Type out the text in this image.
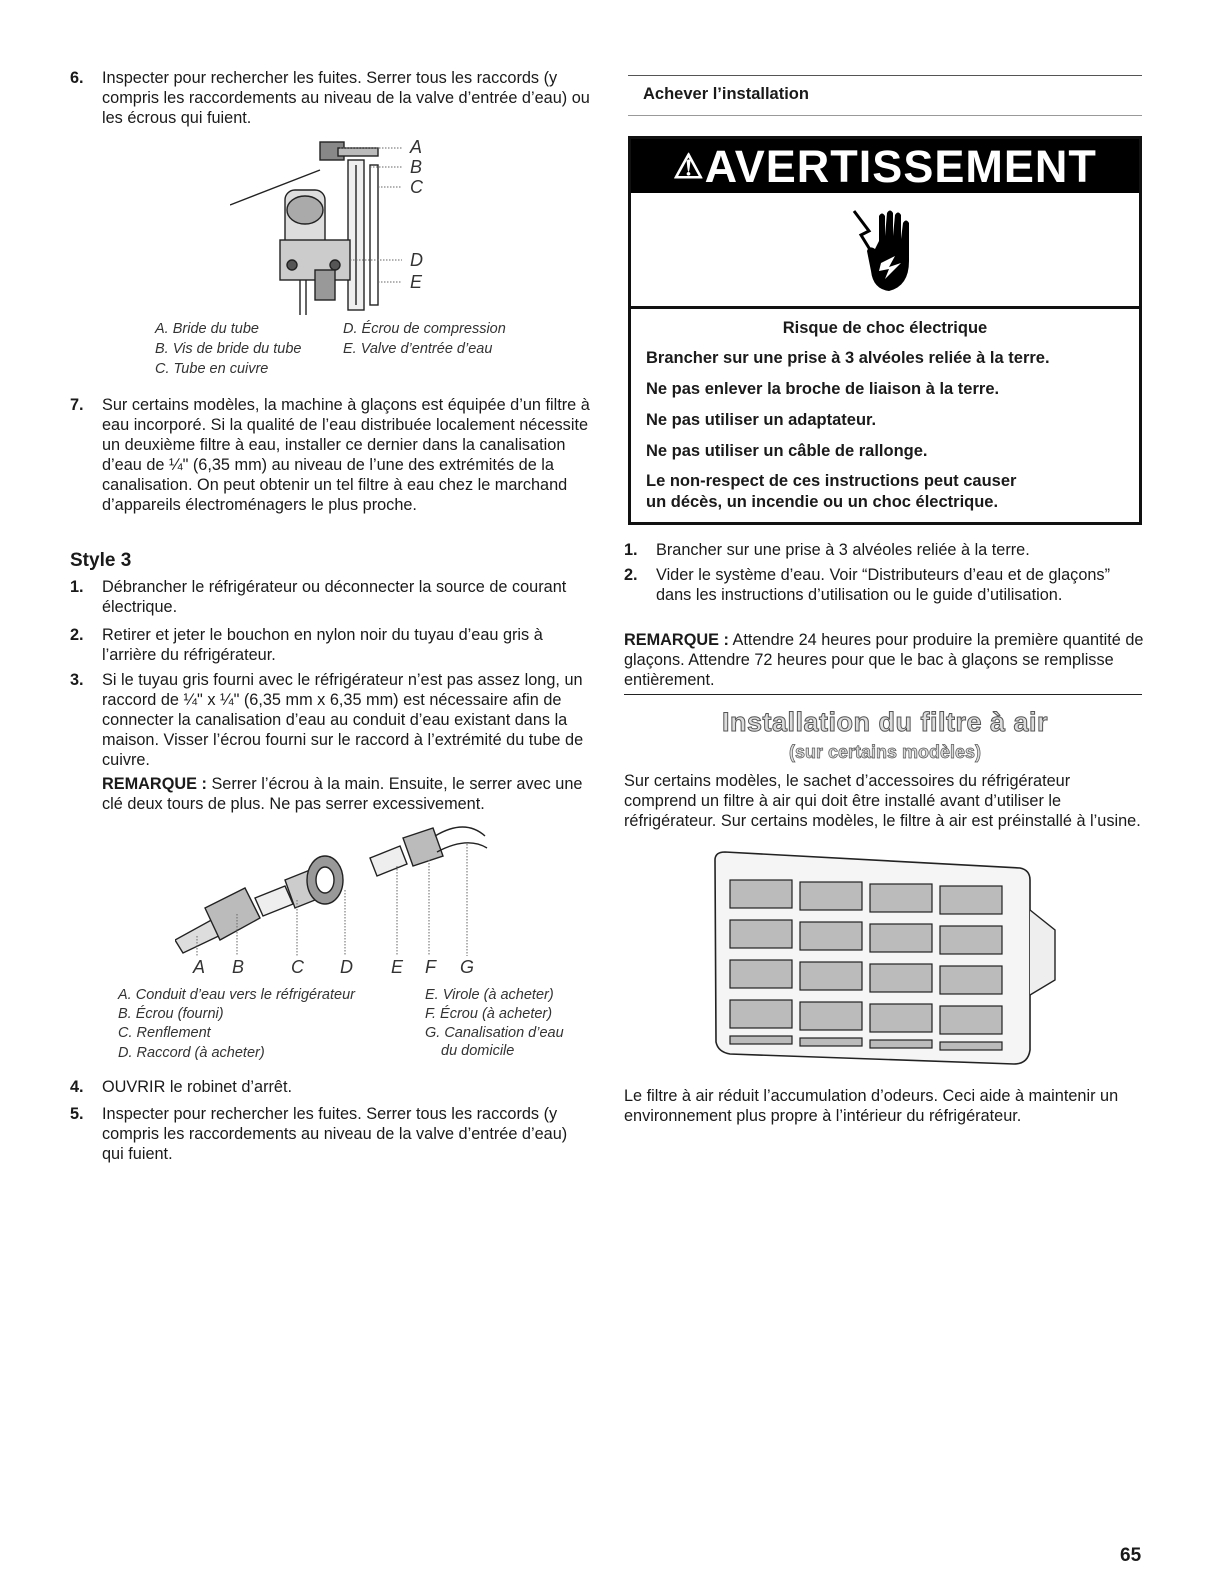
6. Inspecter pour rechercher les fuites. Serrer tous les raccords (y compris les raccordements au niveau de la valve d’entrée d’eau) ou les écrous qui fuient.
A
B
C
D
E
A. Bride du tube
B. Vis de bride du tube
C. Tube en cuivre
D. Écrou de compression
E. Valve d’entrée d’eau
7. Sur certains modèles, la machine à glaçons est équipée d’un filtre à eau incorporé. Si la qualité de l’eau distribuée localement nécessite un deuxième filtre à eau, installer ce dernier dans la canalisation d’eau de ¼" (6,35 mm) au niveau de l’une des extrémités de la canalisation. On peut obtenir un tel filtre à eau chez le marchand d’appareils électroménagers le plus proche.
Style 3
1. Débrancher le réfrigérateur ou déconnecter la source de courant électrique.
2. Retirer et jeter le bouchon en nylon noir du tuyau d’eau gris à l’arrière du réfrigérateur.
3. Si le tuyau gris fourni avec le réfrigérateur n’est pas assez long, un raccord de ¼" x ¼" (6,35 mm x 6,35 mm) est nécessaire afin de connecter la canalisation d’eau au conduit d’eau existant dans la maison. Visser l’écrou fourni sur le raccord à l’extrémité du tube de cuivre.
REMARQUE : Serrer l’écrou à la main. Ensuite, le serrer avec une clé deux tours de plus. Ne pas serrer excessivement.
A B	C D E F G
A. Conduit d’eau vers le réfrigérateur
B. Écrou (fourni)
C. Renflement
D. Raccord (à acheter)
E. Virole (à acheter)
F. Écrou (à acheter)
G. Canalisation d’eau
du domicile
4. OUVRIR le robinet d’arrêt.
5. Inspecter pour rechercher les fuites. Serrer tous les raccords (y compris les raccordements au niveau de la valve d’entrée d’eau) qui fuient.
Achever l’installation
⚠AVERTISSEMENT
Risque de choc électrique
Brancher sur une prise à 3 alvéoles reliée à la terre.
Ne pas enlever la broche de liaison à la terre.
Ne pas utiliser un adaptateur.
Ne pas utiliser un câble de rallonge.
Le non-respect de ces instructions peut causer
un décès, un incendie ou un choc électrique.
1. Brancher sur une prise à 3 alvéoles reliée à la terre.
2. Vider le système d’eau. Voir “Distributeurs d’eau et de glaçons” dans les instructions d’utilisation ou le guide d’utilisation.
REMARQUE : Attendre 24 heures pour produire la première quantité de glaçons. Attendre 72 heures pour que le bac à glaçons se remplisse entièrement.
Installation du filtre à air
(sur certains modèles)
Sur certains modèles, le sachet d’accessoires du réfrigérateur comprend un filtre à air qui doit être installé avant d’utiliser le réfrigérateur. Sur certains modèles, le filtre à air est préinstallé à l’usine.
Le filtre à air réduit l’accumulation d’odeurs. Ceci aide à maintenir un environnement plus propre à l’intérieur du réfrigérateur.
65
